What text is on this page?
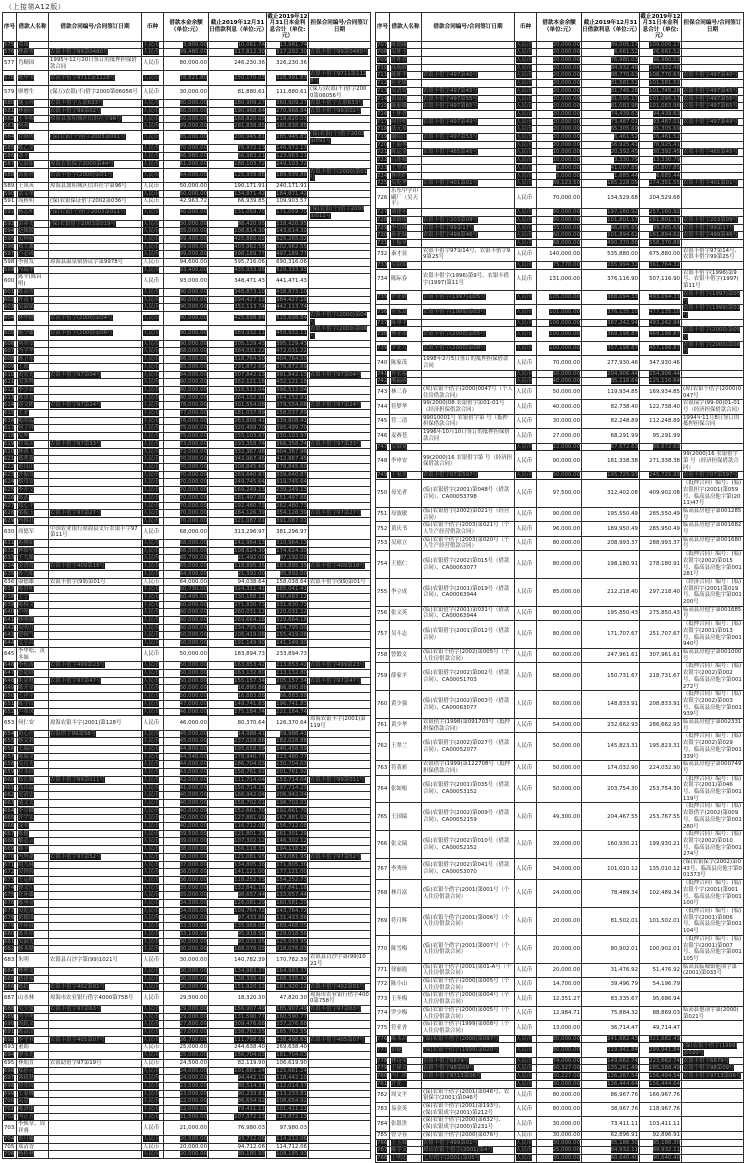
（上接第A12版）
序号	借款人名称	借款合同编号/合同签订日期	币种	借款本金余额（单位:元）	截止2019年12月31日借款利息（单位:元）	截止2019年12月31日本金利息合计（单位:元）	担保合同编号/合同签订日期
575	邓凤		人民币	3,900.00	10,061.74	13,961.74	
576	林新贵	农银丰借字99第0480号	人民币	99,480.00	217,812.30	317,292.30	农银丰借字99第0480号
577	肖顺国	1995年12月20日签订的抵押担保借款合同	人民币	80,000.00	246,230.36	326,230.36	
578	陈华书	农银丰借字9711第1128号	人民币	78,821.80	250,170.03	328,991.83	农银丰借字9711第1128号
579	廖增生	(保万)农银(不)借字2000第06056号	人民币	30,000.00	81,880.61	111,880.61	(保万)农银(不)借字2000第06056号
580	谢玉珍	农银丰借字五联633号	人民币	80,000.00	280,909.27	360,909.27	农银丰借字五联633号
581	林丽佳	农银丰借字99第02号	人民币	80,000.00	190,968.84	270,968.84	农银丰借字99第02号
582	王冬梅	琼海县加积城区信用社字96号	人民币	50,000.00	168,820.03	218,820.03	
583	何英		人民币	99,000.00	281,838.85	380,838.85	
584	甘继煌	(保)农银(个)借字2003第091号	人民币	85,000.00	200,945.81	285,945.81	(保)农银(个)借字2003第091号
585	陈乙堂		人民币	70,000.00	76,972.13	146,972.13	
586	刘丰		人民币	66,980.00	56,983.21	123,963.21	
587	吴淑娟	琼海农银保字2000第44号	人民币	61,000.00	188,103.72	249,103.72	
588	郭丽君	农银丰借字(2000)第01号	人民币	64,000.00	125,939.86	189,939.86	农银丰借字(2000)第01号
589	王凤英	琼海县加积城区信用社字第96号	人民币	50,000.00	190,171.91	240,171.91	
590	雷文革		人民币	50,000.00	134,871.42	184,871.42	
591	周秋明	(保)农银保证借字2002第036号	人民币	42,963.72	66,939.85	109,903.57	
592	杨志明	(保)农银(个)借字2003第011号	人民币	40,000.00	131,059.70	171,059.70	(保)农银(个)借字2003第011号
593	彭养光	(保)农银借字2003第019号	人民币	30,000.00	88,420.95	118,420.95	
594	赵妹媛		人民币	35,000.00	108,614.30	143,614.30	
595	吴辉娇		人民币	99,400.00	425,865.02	525,265.02	
596	郑大雄		人民币	99,000.00	403,962.55	502,962.55	
597	卢必琼		人民币	99,000.00	398,189.77	497,189.77	
598	李祖发	琼海县温泉镇协议字第9978号	人民币	94,600.00	595,716.06	690,316.06	
599	冯瑞华		人民币	93,400.00	435,933.95	529,333.95	
600	陈平(陈昌明)		人民币	93,000.00	348,471.43	441,471.43	
601	陈高贵		人民币	90,000.00	348,873.10	438,873.10	
602	许南丰		人民币	90,000.00	294,427.19	384,427.19	
603	吴淑斌		人民币	90,000.00	352,113.74	442,113.74	
604	林华捷	农银丰借字(2000)第04号	人民币	90,000.00	425,698.84	515,698.84	农银丰借字(2000)第04号
605	陈少雄	农银丰借字(2000)第06号	人民币	90,000.00	369,932.11	459,932.11	农银丰借字(2000)第06号
606	何其安		人民币	90,000.00	305,129.43	395,129.43	
607	冯学华		人民币	88,000.00	384,031.22	472,031.22	
608	陈卫东		人民币	86,000.00	318,764.50	404,764.50	
609	王琼		人民币	85,000.00	291,872.69	376,872.69	
610	黄宏光	农银丰借字97第04号	人民币	84,000.00	307,842.13	391,842.13	农银丰借字97第04号
611	吴多辉		人民币	80,000.00	352,121.18	432,121.18	
612	李少君		人民币	80,000.00	316,513.04	396,513.04	
613	陈泽龙		人民币	80,000.00	284,152.91	364,152.91	
614	周文彬	农银丰借字97第24号	人民币	78,000.00	301,554.08	379,554.08	农银丰借字97第24号
615	王业		人民币	77,000.00	181,037.89	258,037.89	
616	陈明福		人民币	76,000.00	263,808.41	339,808.41	
617	何子祥		人民币	75,000.00	320,499.70	395,499.70	
618	吴坤		人民币	75,000.00	255,103.97	330,103.97	
619	符策访	农银丰借字97第33号	人民币	73,000.00	293,358.74	366,358.74	农银丰借字97第33号
620	林鸿飞		人民币	72,000.00	332,367.98	404,367.98	
621	郑兆强		人民币	70,000.00	342,967.45	412,967.45	
622	黄良田		人民币	70,000.00	308,845.60	378,845.60	
623	许振发		人民币	70,000.00	269,640.87	339,640.87	
624	蔡笃安		人民币	70,000.00	249,745.64	319,745.64	
625	李开文		人民币	70,000.00	169,249.13	239,249.13	
626	陈武		人民币	70,000.00	181,497.86	251,497.86	
627	郑心平		人民币	70,000.00	192,480.73	262,480.73	
628	梁振玉	农银丰借字97第27号	人民币	70,000.00	284,126.39	354,126.39	农银丰借字97第27号
629	冯推壮		人民币	70,000.00	321,087.01	391,087.01	
630	周德军	中国农业银行琼海县支行农银丰字97第11号	人民币	68,000.00	313,296.97	381,296.97	
631	蒋腾娟		人民币	68,000.00	242,964.13	310,964.13	
632	钟维坚		人民币	66,000.00	108,624.30	174,624.30	
633	王九娘		人民币	65,700.00	21,492.00	87,192.00	
634	金香莲	农银丰借字409第18号	人民币	65,000.00	118,895.35	183,895.35	农银丰借字409第18号
635	孙乃娟		人民币	64,500.00	21,392.00	85,892.00	
636	康德雄	农银丰借字(99)第01号	人民币	64,000.00	94,038.64	158,038.64	农银丰借字(99)第01号
637	陈督明		人民币	60,730.00	324,311.41	385,041.41	
638	王宁		人民币	60,495.00	330,188.12	390,683.12	
639	陈榜文		人民币	60,000.00	271,830.73	331,830.73	
640	卢纯		人民币	60,000.00	260,031.12	320,031.12	
641	韩明强		人民币	60,000.00	269,664.18	329,664.18	
642	吴明月		人民币	60,000.00	234,795.00	294,795.00	
643	曾顿气		人民币	50,000.00	205,419.08	255,419.08	
644	文小昌		人民币	50,000.00	191,149.90	241,149.90	
645	李华松、黄冬妹		人民币	50,000.00	183,894.73	233,894.73	
646	李松涛	农银丰借字499第23号	人民币	50,000.00	163,853.42	213,853.42	农银丰借字499第23号
647	曾超群		人民币	50,000.00	163,132.80	213,132.80	
648	朱显财	农银丰借字97第47号	人民币	50,000.00	155,157.34	205,157.34	农银丰借字97第47号
649	陈开章		人民币	50,000.00	16,880.88	66,880.88	
650	王祥全		人民币	50,000.00	16,883.88	66,883.88	
651	陈学仪		人民币	47,000.00	149,741.83	196,741.83	
652	卢希凤		人民币	46,000.00	175,184.74	221,184.74	
653	何仁安	琼海农银丰字(2001)第128号	人民币	46,000.00	80,370.64	126,370.64	琼海农银丰字(2001)第119号
654	黄心仕	农银借字99第58号	人民币	45,000.00	14,988.41	59,988.41	
655	杨文莉		人民币	45,000.00	237,028.88	282,028.88	
656	王瑞祥		人民币	44,800.00	195,658.59	240,458.59	
657	陈瑞堂		人民币	44,540.00	278,940.77	323,480.77	
658	吴育光		人民币	44,000.00	186,704.03	230,704.03	
659	符永侦		人民币	43,000.00	158,761.92	201,761.92	
660	郑长卿	农银丰借字99第011号	人民币	42,000.00	111,714.04	153,714.04	农银丰借字99第011号
661	高山福		人民币	41,000.00	156,714.23	197,714.23	
662	吴清忠		人民币	40,000.00	166,942.04	206,942.04	
663	蒲文光		人民币	40,000.00	158,702.01	198,702.01	
664	李堂麟		人民币	40,000.00	152,661.70	192,661.70	
665	许宇宏		人民币	40,000.00	127,881.93	167,881.93	
666	庞明		人民币	40,000.00	116,712.08	156,712.08	
667	陈健		人民币	39,500.00	121,801.29	161,301.29	
668	黎志云		人民币	39,000.00	107,302.12	146,302.12	
669	韩平		人民币	38,000.00	156,118.32	194,118.32	
670	冯所豪	农银丰借字97第52号	人民币	38,000.00	121,081.95	159,081.95	农银丰借字97第52号
671	周九妹		人民币	37,000.00	134,805.36	171,805.36	
672	吴钟海		人民币	36,000.00	141,121.00	177,121.00	
673	王运峰		人民币	36,000.00	118,252.73	154,252.73	
674	钟文川		人民币	35,000.00	132,841.18	167,841.18	
675	许环雄		人民币	35,000.00	98,657.44	133,657.44	
676	陈垂奋		人民币	34,500.00	126,081.20	160,581.20	
677	吴乾富		人民币	34,000.00	109,764.72	143,764.72	
678	黄循准		人民币	34,000.00	97,433.86	131,433.86	
679	许环波		人民币	33,500.00	135,968.05	169,468.05	
680	陈奕培		人民币	33,100.00	95,918.56	129,018.56	
681	吴淑光		人民币	30,000.00	95,033.95	125,033.95	
682	杨永炳		人民币	30,000.00	188,076.03	218,076.03	
683	朱明	农银县白沙字第(99)1021号	人民币	30,000.00	140,782.39	170,782.39	农银县白沙字第(99)1021号
684	林理龙		人民币	30,000.00	134,983.37	164,983.37	
685	慈建福		人民币	30,000.00	138,335.43	168,335.43	
686	陈跃	农银丰借字402第01号	人民币	30,000.00	151,920.12	181,920.12	农银丰借字402第01号
687	山水林	琼海市农业银行借字4000第758号	人民币	29,500.00	18,320.30	47,820.30	琼海市农业银行借字4000第758号
688	吴少贤	农银丰借字97第63号	人民币	29,000.00	156,907.49	185,907.49	农银丰借字97第63号
689	冯学勇		人民币	29,000.00	131,590.77	160,590.77	
690	周跃文		人民币	27,800.00	309,476.68	337,276.68	
691	陈益清		人民币	27,000.00	138,762.55	165,762.55	
692	李守业	农银丰借字405第07号	人民币	26,700.00	111,798.63	138,498.63	农银丰借字405第07号
693	董娟		人民币	25,000.00	244,638.40	269,638.40	
694	廖永光		人民币	25,000.00	156,704.03	181,704.03	
695	林灿直	农银助借字97第19号	人民币	24,500.00	82,119.90	106,619.90	
696	郑孙元		人民币	24,000.00	101,661.24	125,661.24	
697	韩政秋		人民币	24,000.00	94,442.10	118,442.10	
698	符荣璋		人民币	23,500.00	88,514.37	112,014.37	
699	王家槐		人民币	23,000.00	90,233.81	113,233.81	
700	吴慧		人民币	22,000.00	86,654.92	108,654.92	
701	陈济康		人民币	22,000.00	79,411.11	101,411.11	
702	冯正芳		人民币	21,500.00	107,372.13	128,872.13	
703	李焕章、周祥睿		人民币	21,000.00	76,980.03	97,980.03	
704	黄月娥		人民币	20,500.00	93,712.06	114,212.06	
705	郑清香		人民币	20,000.00	94,712.06	114,712.06	
706	杨桂秋		人民币	20,000.00	89,185.93	109,185.93	
序号	借款人名称	借款合同编号/合同签订日期	币种	借款本金余额（单位:元）	截止2019年12月31日借款利息（单位:元）	截止2019年12月31日本金利息合计（单位:元）	担保合同编号/合同签订日期
707	陈德康		人民币	20,000.00	89,005.17	109,005.17	
708	吴妚玉		人民币	20,000.00	6,661.52	26,661.52	
709	许妚贵		人民币	20,000.00	76,980.03	96,980.03	
710	高瑞娇		人民币	20,000.00	84,932.48	104,932.48	
711	陈妚平	农银丰借字497第40号	人民币	20,000.00	88,770.63	108,770.63	农银丰借字497第40号
712	符亚敏		人民币	20,000.00	81,581.52	101,581.52	
713	吴清安	农银丰借字497第45号	人民币	20,000.00	81,745.28	101,745.28	农银丰借字497第45号
714	黄富洪	农银丰借字497第55号	人民币	20,000.00	81,095.17	101,095.17	农银丰借字497第55号
715	陈丽娜	农银丰借字497第65号	人民币	20,000.00	81,083.98	101,083.98	农银丰借字497第65号
716	王妚香		人民币	20,000.00	74,439.63	94,439.63	
717	周世明	农银丰借字497第49号	人民币	20,000.00	73,487.01	93,487.01	农银丰借字497第49号
718	法元章		人民币	20,000.00	65,305.69	85,305.69	
719	谢绍川	农银丰借字497第53号	人民币	20,000.00	6,461.52	26,461.52	
720	王丽琴		人民币	20,000.00	56,925.41	76,925.41	
721	陈运金	农银丰借字465第45号	人民币	10,000.00	20,392.45	30,392.45	农银丰借字465第45号
722	吕连城		人民币	10,000.00	3,330.79	13,330.79	
723	王翠英		人民币	9,800.00	41,007.85	50,807.85	
724	林明炉		人民币	5,000.00	1,685.44	6,685.44	
725	吴乾华	农银丰借字401第01号	人民币	89,123.50	185,228.05	274,351.55	农银丰借字401第01号
726	乐东中学印刷厂（吴天平）		人民币	70,000.00	134,529.68	204,529.68	
727	刘建年		人民币	60,000.00	197,160.92	257,160.92	
728	邱镇锐	农银丰借字203第09号	人民币	60,000.00	101,801.17	161,801.17	农银丰借字203第09号
729	李管隆	农银丰借字99第17号	人民币	33,000.00	66,885.65	99,885.65	农银丰借字99第17号
730	孙亚妹	农银丰借字499第46号	人民币	60,000.00	101,894.62	161,894.62	农银丰借字499第46号
731	王振章		人民币	68,000.00	490,370.88	558,370.88	
732	秦才显	农银丰借字97第14号、农银丰借字99第25号	人民币	140,000.00	535,880.00	675,880.00	农银丰借字97第14号、农银丰借字99第25号
733	吴淑娟		人民币	75,770.00	285,994.32	361,764.32	
734	陈际春	农银丰借字(1996)第9号、农银丰借字(1997)第11号	人民币	131,000.00	376,116.90	507,116.90	农银丰借字(1996)第9号、农银丰借字(1997)第11号
735	许亚欧	农银丰借字(1997)第05号	人民币	105,000.00	388,094.33	493,094.33	农银丰借字(1997)第05号
736	符永富	农银丰借字(1999)第03号	人民币	101,000.00	376,135.10	477,135.10	农银丰借字(1999)第03号
737	陈垂平		人民币	106,000.00	387,242.94	493,242.94	
738	林亚弟	农银丰借字(2000)第05号	人民币	100,000.00	369,198.87	469,198.87	农银丰借字(2000)第05号
739	罗亚九	农银丰借字(2000)第08号	人民币	100,000.00	357,198.87	457,198.87	农银丰借字(2000)第08号
740	陈家茂	1998年2月5日签订的抵押担保借款合同	人民币	70,000.00	277,930.46	347,930.46	
741	许宏福		人民币	50,000.00	204,906.44	254,906.44	
742	邢福成		人民币	40,000.00	85,116.64	125,116.64	
743	林三春	(琼)农银个借字(2000)0047号（个人住房借款合同）	人民币	50,000.00	119,934.85	169,934.85	(琼)农银个借字(2000)0047号
744	符梦华	99(2000)08 农银借字第01-01号（经济担保借款合同）	人民币	40,000.00	82,738.40	122,738.40	农银保字(99-00)01-01号（经济担保借款合同）
745	符二清	99010001号 农银借字第 号（抵押担保借款合同）	人民币	30,000.00	82,248.89	112,248.89	1994年11月8日签订的抵押担保合同
746	麦赛苍	1996年10月10日签订的抵押担保借款合同	人民币	27,000.00	68,291.99	95,291.99	
747	吴淑宽		人民币	22,000.00	67,672.63	89,672.63	
748	李申安	99(2000)16 农银借字第 号（经济担保借款合同）	人民币	90,000.00	181,338.38	271,338.38	99(2000)16 农银借字第 号（经济担保借款合同）
749	王家光	农银丰借字07第597号	人民币	50,000.00	195,725.93	245,725.93	农银丰借字07第597号
750	母光者	(临)农银借字(2001)第048号（借款合同）、CA00053798	人民币	97,500.00	312,402.08	409,902.08	（抵押合同）编号：(临)农银担字(2001)第059号、临高县房他字第(2011)47号
751	母波敏	(临)农银借字(2002)第021号（经营合同）	人民币	90,000.00	195,550.49	285,550.49	临高县房他字第001285号
752	黄庆书	(临)农银个借字(2003)第021号（个人生产经营借款合同）	人民币	96,000.00	189,950.49	285,950.49	临高县房他字第001682号
753	吴琼立	(临)农银个借字(2003)第020号（个人生产经营借款合同）	人民币	80,000.00	208,993.37	288,993.37	临高县房他字第001680号
754	王德仁	(临)农银借字(2002)第015号（借款合同）、CA00063077	人民币	80,000.00	198,180.91	278,180.91	（抵押合同）编号：(临)农银字(2002)第015号、临高县房他字第001281号
755	李立成	(临)农银借字(2001)第019号（借款合同）、CA00063944	人民币	85,000.00	212,218.40	297,218.40	（经济合同）编号：(临)农银担字(2001)第019号、临高县房他字第001200号
756	张文英	(临)农银借字(2001)第031号（借款合同）、CA00063944	人民币	80,000.00	195,850.43	275,850.43	临高县房他字第001685号
757	吴斗志	(临)农银借字(2001)第012号（借款合同）	人民币	80,000.00	171,707.67	251,707.67	（抵押合同）编号：(临)农银字(2001)第013号、临高县房他字第001940号
758	曾繁文	(临)农银个借字(2002)第005号（个人住房借款合同）	人民币	60,000.00	247,961.61	307,961.61	临高县房他字第001000号
759	薛家平	(临)农银借字(2002)第002号（借款合同）、CA00051703	人民币	68,000.00	150,731.67	218,731.67	（抵押合同）编号：(临)农银字(2002)第002号、临高县房他字第001272号
760	黄少强	(临)农银借字(2002)第003号（借款合同）、CA00063077	人民币	60,000.00	148,833.91	208,833.91	（抵押合同）编号：(临)农银字(2002)第003号、临高县房他字第001939号
761	黄少华	农银借字(1998)第091703号（抵押担保借款合同）	人民币	54,000.00	232,662.93	286,662.93	临高县房他字第002331号
762	王翠兰	(临)农银借字(2002)第027号（借款合同）、CA00052077	人民币	50,000.00	145,823.31	195,823.31	（抵押合同）编号：(临)农银字(2002)第029号、临高县房他字第001339号
763	符黄彩	农银借字(1999)第122708号（抵押担保借款合同）	人民币	50,000.00	174,032.90	224,032.90	临高县房他字第000749号
764	张如根	(临)农银借字(2001)第035号（借款合同）、CA00053152	人民币	50,000.00	203,754.30	253,754.30	（抵押合同）编号：(临)农银字(2001)第046号、临高县房他字第001119号
765	王国瑞	(临)农银借字(2002)第009号（借款合同）、CA00052159	人民币	49,300.00	204,467.55	253,767.55	（抵押合同）编号：(临)农银借字(2002)第009号、临高县房他字第001280号
766	张文瑞	(临)农银借字(2002)第010号（借款合同）、CA00052152	人民币	39,000.00	160,930.21	199,930.21	（抵押合同）编号：(临)农银字(2002)第010号、临高县房他字第001274号
767	李秀珍	(临)农银借字(2002)第041号（借款合同）、CA00053070	人民币	34,000.00	101,010.12	135,010.12	(保)农银保字(2002)第043号、临高县房他字第001373号
768	林月富	(临)农银个借字(2001)第001号（个人住房借款合同）	人民币	24,000.00	78,489.34	102,489.34	（抵押合同）编号：(临)农银个字(2001)第001号、临高县房他字第001100号
769	符月辉	(临)农银个借字(2001)第006号（个人住房借款合同）	人民币	20,000.00	81,502.01	101,502.01	（抵押合同）编号：(临)农银字(2001)第006号、临高县房他字第001104号
770	陈雪梅	(临)农银个借字(2001)第007号（个人住房借款合同）	人民币	20,000.00	80,902.01	100,902.01	（抵押合同）编号：(临)农银字(2001)第007号、临高县房他字第001105号
771	徐丽霞	(临)农银个借字(2001)第01-A号（个人住房借款合同）	人民币	20,000.00	31,476.92	51,476.92	临高县临城镇他项字第(2001)第033号
772	陈小山	(临)农银个借字(2000)第005号（个人住房借款合同）	人民币	14,700.00	39,496.79	54,196.79	
773	王冬梅	(临)农银个借字(2000)第004号（个人住房借款合同）	人民币	12,351.27	83,335.67	95,686.94	
774	罗少梅	(临)农银个借字(2000)第005号（个人住房借款合同）	人民币	12,984.71	75,884.32	88,869.03	临高县他项字第(2000)第021号
775	符亚香	(临)农银个借字(1999)第008号（个人住房借款合同）	人民币	13,000.00	36,714.47	49,714.47	
776	陈永昌	(保)农银个借字(2000)第097号	人民币	80,000.00	241,682.43	321,682.43	
777	黄健	(保)农银个借字(1999)第020号	人民币	80,000.00	219,941.84	299,941.84	(保)农银个借字(1999)第020号
778	林诗荣	农银丰借字6879号	人民币	74,000.00	149,662.74	223,662.74	农银丰借字6879号
779	王禄文	农银个借字98第09号	人民币	50,327.00	135,261.49	185,588.49	农银个借字98第09号
780	冯仁鸿	农银丰借字9713第06号	人民币	30,227.00	126,267.54	156,494.54	农银丰借字9713第06号
781	许亚二		人民币	30,000.00	126,444.64	156,444.64	
782	周文平	(保)农银个借字(2001)第046号、农银保字(2001)第046号	人民币	80,000.00	86,967.76	166,967.76	
783	易金英	(保)农银个借字(2001)第193号、(保)农银成字(2001)第212号	人民币	80,000.00	38,967.76	118,967.76	
784	张银贵	(保)农银个借字(2000)第632号、(保)农银成字(2000)第231号	人民币	30,000.00	73,411.11	103,411.11	
785	曾令春	(保)农银个借字(2000)第076号	人民币	30,000.00	62,896.91	92,896.91	
786	王玉妹	农银丰借字499第01号	人民币	30,000.00	65,186.30	95,186.30	
787	陈学文	琼山农银个借字(2001)第4号	人民币	25,000.00	64,932.11	89,932.11	
788	王明忠	七好借字(2001)第05号	人民币	30,000.00	60,640.40	90,640.40	
